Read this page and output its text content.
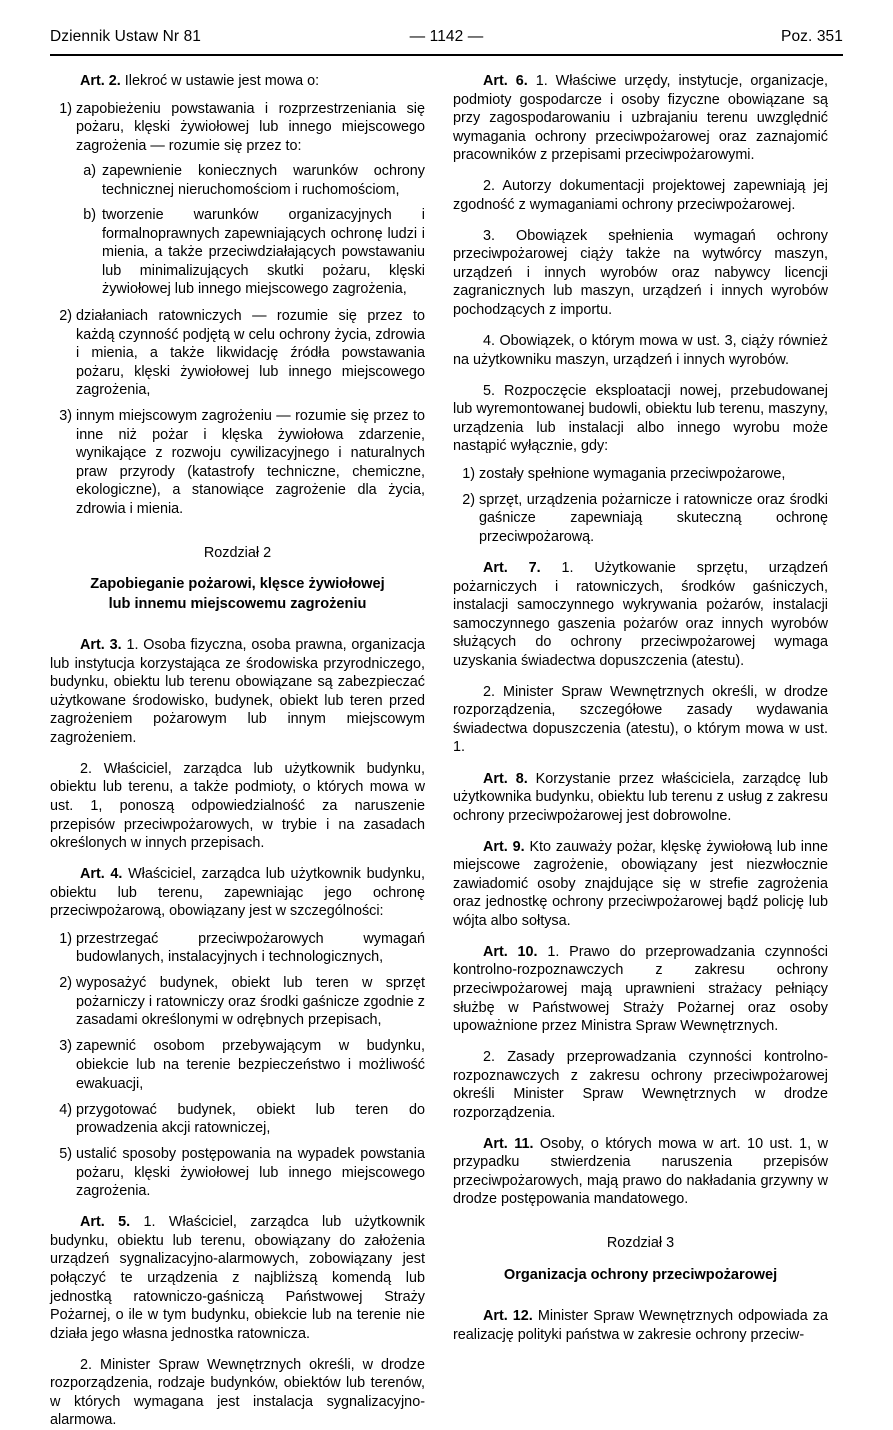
Dziennik Ustaw Nr 81	— 1142 —	Poz. 351

Art. 2. Ilekroć w ustawie jest mowa o:

1) zapobieżeniu powstawania i rozprzestrzeniania się pożaru, klęski żywiołowej lub innego miejscowego zagrożenia — rozumie się przez to:

a) zapewnienie koniecznych warunków ochrony technicznej nieruchomościom i ruchomościom,

b) tworzenie warunków organizacyjnych i formalnoprawnych zapewniających ochronę ludzi i mienia, a także przeciwdziałających powstawaniu lub minimalizujących skutki pożaru, klęski żywiołowej lub innego miejscowego zagrożenia,

2) działaniach ratowniczych — rozumie się przez to każdą czynność podjętą w celu ochrony życia, zdrowia i mienia, a także likwidację źródła powstawania pożaru, klęski żywiołowej lub innego miejscowego zagrożenia,

3) innym miejscowym zagrożeniu — rozumie się przez to inne niż pożar i klęska żywiołowa zdarzenie, wynikające z rozwoju cywilizacyjnego i naturalnych praw przyrody (katastrofy techniczne, chemiczne, ekologiczne), a stanowiące zagrożenie dla życia, zdrowia i mienia.

Rozdział 2

Zapobieganie pożarowi, klęsce żywiołowej

lub innemu miejscowemu zagrożeniu

Art. 3. 1. Osoba fizyczna, osoba prawna, organizacja lub instytucja korzystająca ze środowiska przyrodniczego, budynku, obiektu lub terenu obowiązane są zabezpieczać użytkowane środowisko, budynek, obiekt lub teren przed zagrożeniem pożarowym lub innym miejscowym zagrożeniem.

2. Właściciel, zarządca lub użytkownik budynku, obiektu lub terenu, a także podmioty, o których mowa w ust. 1, ponoszą odpowiedzialność za naruszenie przepisów przeciwpożarowych, w trybie i na zasadach określonych w innych przepisach.

Art. 4. Właściciel, zarządca lub użytkownik budynku, obiektu lub terenu, zapewniając jego ochronę przeciwpożarową, obowiązany jest w szczególności:

1) przestrzegać przeciwpożarowych wymagań budowlanych, instalacyjnych i technologicznych,

2) wyposażyć budynek, obiekt lub teren w sprzęt pożarniczy i ratowniczy oraz środki gaśnicze zgodnie z zasadami określonymi w odrębnych przepisach,

3) zapewnić osobom przebywającym w budynku, obiekcie lub na terenie bezpieczeństwo i możliwość ewakuacji,

4) przygotować budynek, obiekt lub teren do prowadzenia akcji ratowniczej,

5) ustalić sposoby postępowania na wypadek powstania pożaru, klęski żywiołowej lub innego miejscowego zagrożenia.

Art. 5. 1. Właściciel, zarządca lub użytkownik budynku, obiektu lub terenu, obowiązany do założenia urządzeń sygnalizacyjno-alarmowych, zobowiązany jest połączyć te urządzenia z najbliższą komendą lub jednostką ratowniczo-gaśniczą Państwowej Straży Pożarnej, o ile w tym budynku, obiekcie lub na terenie nie działa jego własna jednostka ratownicza.

2. Minister Spraw Wewnętrznych określi, w drodze rozporządzenia, rodzaje budynków, obiektów lub terenów, w których wymagana jest instalacja sygnalizacyjno-alarmowa.

Art. 6. 1. Właściwe urzędy, instytucje, organizacje, podmioty gospodarcze i osoby fizyczne obowiązane są przy zagospodarowaniu i uzbrajaniu terenu uwzględnić wymagania ochrony przeciwpożarowej oraz zaznajomić pracowników z przepisami przeciwpożarowymi.

2. Autorzy dokumentacji projektowej zapewniają jej zgodność z wymaganiami ochrony przeciwpożarowej.

3. Obowiązek spełnienia wymagań ochrony przeciwpożarowej ciąży także na wytwórcy maszyn, urządzeń i innych wyrobów oraz nabywcy licencji zagranicznych lub maszyn, urządzeń i innych wyrobów pochodzących z importu.

4. Obowiązek, o którym mowa w ust. 3, ciąży również na użytkowniku maszyn, urządzeń i innych wyrobów.

5. Rozpoczęcie eksploatacji nowej, przebudowanej lub wyremontowanej budowli, obiektu lub terenu, maszyny, urządzenia lub instalacji albo innego wyrobu może nastąpić wyłącznie, gdy:

1) zostały spełnione wymagania przeciwpożarowe,

2) sprzęt, urządzenia pożarnicze i ratownicze oraz środki gaśnicze zapewniają skuteczną ochronę przeciwpożarową.

Art. 7. 1. Użytkowanie sprzętu, urządzeń pożarniczych i ratowniczych, środków gaśniczych, instalacji samoczynnego wykrywania pożarów, instalacji samoczynnego gaszenia pożarów oraz innych wyrobów służących do ochrony przeciwpożarowej wymaga uzyskania świadectwa dopuszczenia (atestu).

2. Minister Spraw Wewnętrznych określi, w drodze rozporządzenia, szczegółowe zasady wydawania świadectwa dopuszczenia (atestu), o którym mowa w ust. 1.

Art. 8. Korzystanie przez właściciela, zarządcę lub użytkownika budynku, obiektu lub terenu z usług z zakresu ochrony przeciwpożarowej jest dobrowolne.

Art. 9. Kto zauważy pożar, klęskę żywiołową lub inne miejscowe zagrożenie, obowiązany jest niezwłocznie zawiadomić osoby znajdujące się w strefie zagrożenia oraz jednostkę ochrony przeciwpożarowej bądź policję lub wójta albo sołtysa.

Art. 10. 1. Prawo do przeprowadzania czynności kontrolno-rozpoznawczych z zakresu ochrony przeciwpożarowej mają uprawnieni strażacy pełniący służbę w Państwowej Straży Pożarnej oraz osoby upoważnione przez Ministra Spraw Wewnętrznych.

2. Zasady przeprowadzania czynności kontrolno-rozpoznawczych z zakresu ochrony przeciwpożarowej określi Minister Spraw Wewnętrznych w drodze rozporządzenia.

Art. 11. Osoby, o których mowa w art. 10 ust. 1, w przypadku stwierdzenia naruszenia przepisów przeciwpożarowych, mają prawo do nakładania grzywny w drodze postępowania mandatowego.

Rozdział 3

Organizacja ochrony przeciwpożarowej

Art. 12. Minister Spraw Wewnętrznych odpowiada za realizację polityki państwa w zakresie ochrony przeciw-
